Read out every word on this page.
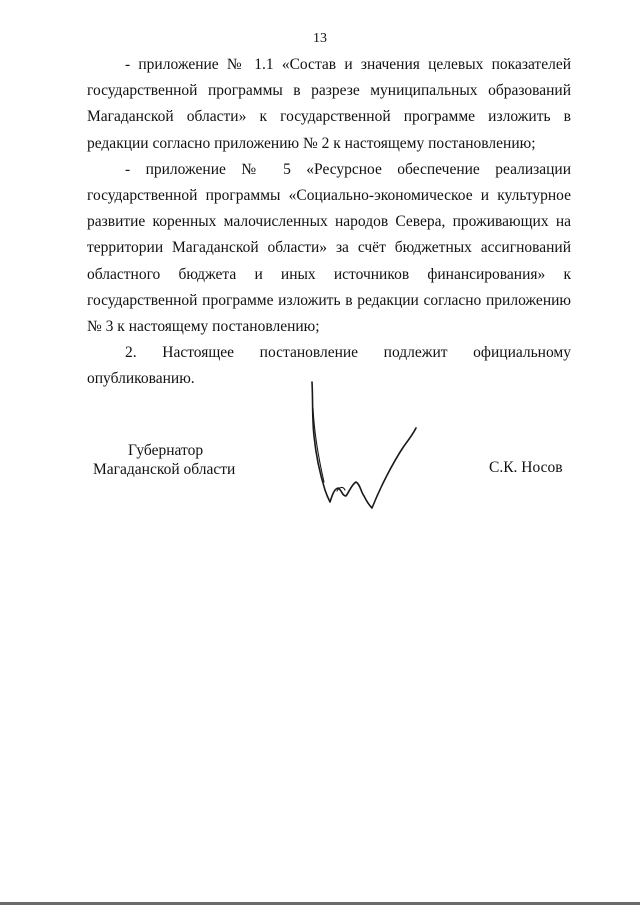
13

- приложение № 1.1 «Состав и значения целевых показателей государственной программы в разрезе муниципальных образований Магаданской области» к государственной программе изложить в редакции согласно приложению № 2 к настоящему постановлению;

- приложение № 5 «Ресурсное обеспечение реализации государственной программы «Социально-экономическое и культурное развитие коренных малочисленных народов Севера, проживающих на территории Магаданской области» за счёт бюджетных ассигнований областного бюджета и иных источников финансирования» к государственной программе изложить в редакции согласно приложению № 3 к настоящему постановлению;

2. Настоящее постановление подлежит официальному опубликованию.

Губернатор
Магаданской области	С.К. Носов
